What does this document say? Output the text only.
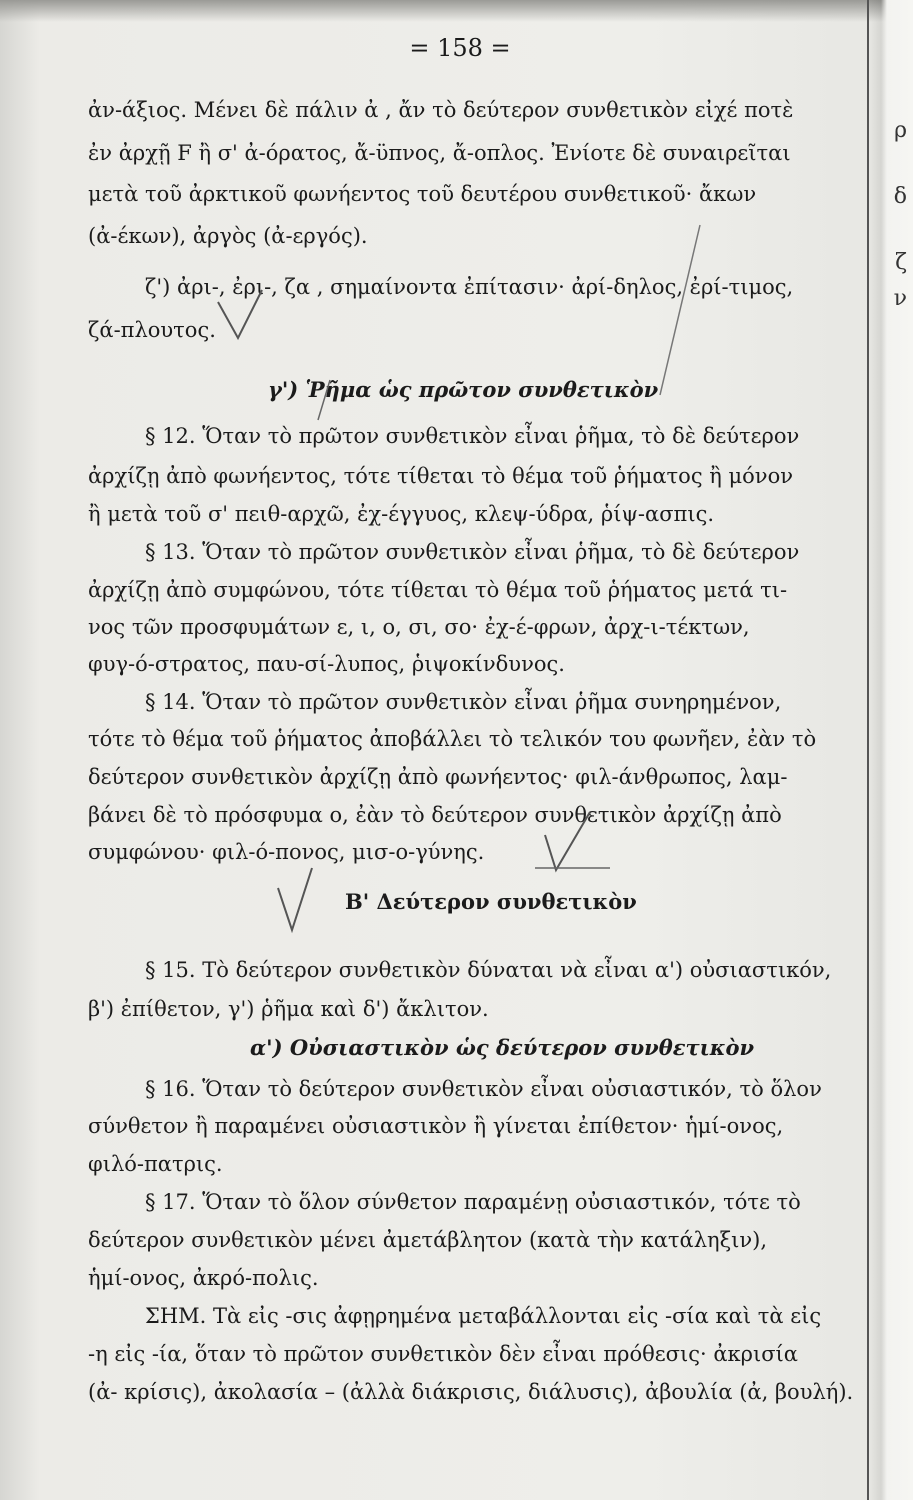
ρ
δ
ζ
ν
= 158 =
ἀν-άξιος. Μένει δὲ πάλιν ἀ , ἄν τὸ δεύτερον συνθετικὸν εἰχέ ποτὲ
ἐν ἀρχῇ F ἢ σ' ἀ-όρατος, ἄ-ϋπνος, ἄ-οπλος. Ἐνίοτε δὲ συναιρεῖται
μετὰ τοῦ ἀρκτικοῦ φωνήεντος τοῦ δευτέρου συνθετικοῦ· ἄκων
(ἀ-έκων), ἀργὸς (ἀ-εργός).
ζ') ἀρι-, ἐρι-, ζα , σημαίνοντα ἐπίτασιν· ἀρί-δηλος, ἐρί-τιμος,
ζά-πλουτος.
γ') Ῥῆμα ὡς πρῶτον συνθετικὸν
§ 12. Ὅταν τὸ πρῶτον συνθετικὸν εἶναι ῥῆμα, τὸ δὲ δεύτερον
ἀρχίζῃ ἀπὸ φωνήεντος, τότε τίθεται τὸ θέμα τοῦ ῥήματος ἢ μόνον
ἢ μετὰ τοῦ σ' πειθ-αρχῶ, ἐχ-έγγυος, κλεψ-ύδρα, ῥίψ-ασπις.
§ 13. Ὅταν τὸ πρῶτον συνθετικὸν εἶναι ῥῆμα, τὸ δὲ δεύτερον
ἀρχίζῃ ἀπὸ συμφώνου, τότε τίθεται τὸ θέμα τοῦ ῥήματος μετά τι-
νος τῶν προσφυμάτων ε, ι, ο, σι, σο· ἐχ-έ-φρων, ἀρχ-ι-τέκτων,
φυγ-ό-στρατος, παυ-σί-λυπος, ῥιψοκίνδυνος.
§ 14. Ὅταν τὸ πρῶτον συνθετικὸν εἶναι ῥῆμα συνηρημένον,
τότε τὸ θέμα τοῦ ῥήματος ἀποβάλλει τὸ τελικόν του φωνῆεν, ἐὰν τὸ
δεύτερον συνθετικὸν ἀρχίζῃ ἀπὸ φωνήεντος· φιλ-άνθρωπος, λαμ-
βάνει δὲ τὸ πρόσφυμα ο, ἐὰν τὸ δεύτερον συνθετικὸν ἀρχίζῃ ἀπὸ
συμφώνου· φιλ-ό-πονος, μισ-ο-γύνης.
Β' Δεύτερον συνθετικὸν
§ 15. Τὸ δεύτερον συνθετικὸν δύναται νὰ εἶναι α') οὐσιαστικόν,
β') ἐπίθετον, γ') ῥῆμα καὶ δ') ἄκλιτον.
α') Οὐσιαστικὸν ὡς δεύτερον συνθετικὸν
§ 16. Ὅταν τὸ δεύτερον συνθετικὸν εἶναι οὐσιαστικόν, τὸ ὅλον
σύνθετον ἢ παραμένει οὐσιαστικὸν ἢ γίνεται ἐπίθετον· ἡμί-ονος,
φιλό-πατρις.
§ 17. Ὅταν τὸ ὅλον σύνθετον παραμένῃ οὐσιαστικόν, τότε τὸ
δεύτερον συνθετικὸν μένει ἀμετάβλητον (κατὰ τὴν κατάληξιν),
ἡμί-ονος, ἀκρό-πολις.
ΣΗΜ. Τὰ εἰς -σις ἀφῃρημένα μεταβάλλονται εἰς -σία καὶ τὰ εἰς
-η εἰς -ία, ὅταν τὸ πρῶτον συνθετικὸν δὲν εἶναι πρόθεσις· ἀκρισία
(ἀ- κρίσις), ἀκολασία – (ἀλλὰ διάκρισις, διάλυσις), ἀβουλία (ἀ, βουλή).
